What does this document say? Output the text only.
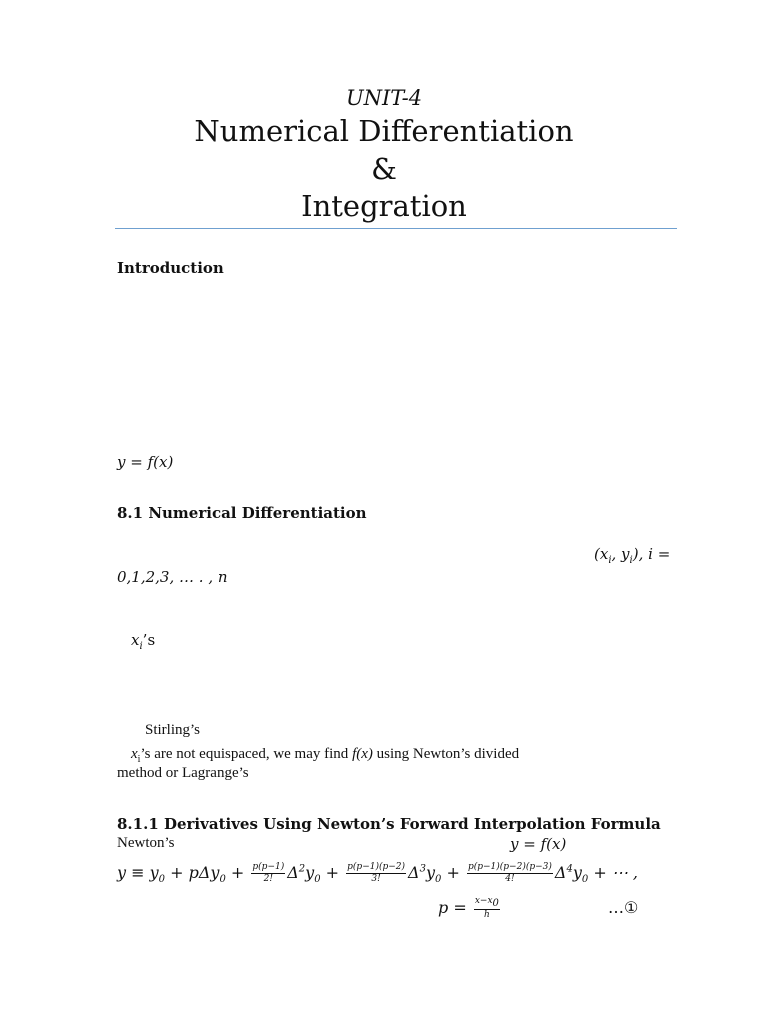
UNIT-4
Numerical Differentiation
&
Integration
Introduction
y = f(x)
8.1 Numerical Differentiation
($x_i$, $y_i$), i =
0,1,2,3, … . , n
$x_i’s$
Stirling’s
$x_i’s$ are not equispaced, we may find f(x) using Newton’s divided
method or Lagrange’s
8.1.1 Derivatives Using Newton’s Forward Interpolation Formula
Newton’s	y = f(x)
$y \equiv y_0 + p\Delta y_0 + \frac{p(p-1)}{2!} \Delta^2y_0 + \frac{p(p-1)(p-2)}{3!} \Delta^3y_0 + \frac{p(p-1)(p-2)(p-3)}{4!} \Delta^4y_0$ + ⋯ ,
$p = \frac{x-x_0}{h}$	…①
